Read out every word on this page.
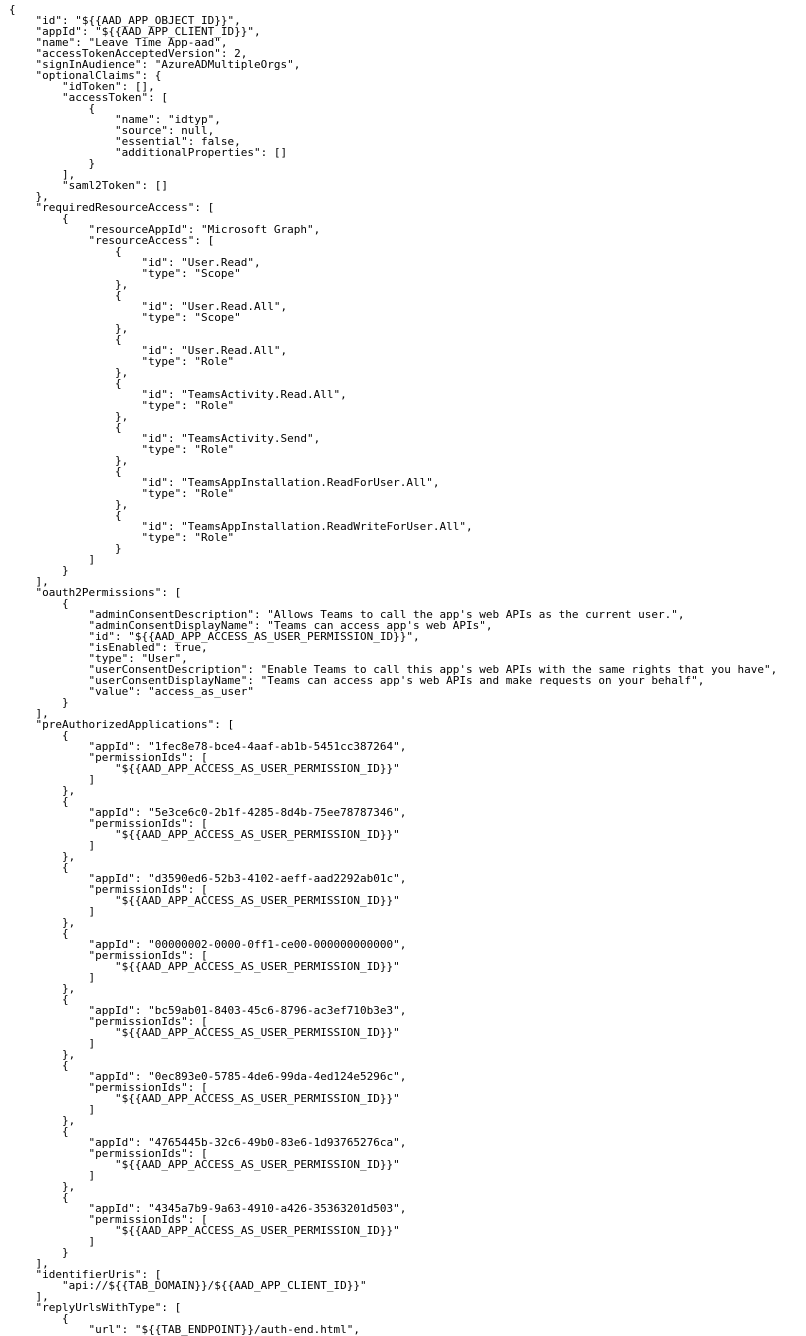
{
"id": "${{AAD_APP_OBJECT_ID}}",
"appId": "${{AAD_APP_CLIENT_ID}}",
"name": "Leave Time App-aad",
"accessTokenAcceptedVersion": 2,
"signInAudience": "AzureADMultipleOrgs",
"optionalClaims": {
"idToken": [],
"accessToken": [
{
"name": "idtyp",
"source": null,
"essential": false,
"additionalProperties": []
}
],
"saml2Token": []
},
"requiredResourceAccess": [
{
"resourceAppId": "Microsoft Graph",
"resourceAccess": [
{
"id": "User.Read",
"type": "Scope"
},
{
"id": "User.Read.All",
"type": "Scope"
},
{
"id": "User.Read.All",
"type": "Role"
},
{
"id": "TeamsActivity.Read.All",
"type": "Role"
},
{
"id": "TeamsActivity.Send",
"type": "Role"
},
{
"id": "TeamsAppInstallation.ReadForUser.All",
"type": "Role"
},
{
"id": "TeamsAppInstallation.ReadWriteForUser.All",
"type": "Role"
}
]
}
],
"oauth2Permissions": [
{
"adminConsentDescription": "Allows Teams to call the app's web APIs as the current user.",
"adminConsentDisplayName": "Teams can access app's web APIs",
"id": "${{AAD_APP_ACCESS_AS_USER_PERMISSION_ID}}",
"isEnabled": true,
"type": "User",
"userConsentDescription": "Enable Teams to call this app's web APIs with the same rights that you have",
"userConsentDisplayName": "Teams can access app's web APIs and make requests on your behalf",
"value": "access_as_user"
}
],
"preAuthorizedApplications": [
{
"appId": "1fec8e78-bce4-4aaf-ab1b-5451cc387264",
"permissionIds": [
"${{AAD_APP_ACCESS_AS_USER_PERMISSION_ID}}"
]
},
{
"appId": "5e3ce6c0-2b1f-4285-8d4b-75ee78787346",
"permissionIds": [
"${{AAD_APP_ACCESS_AS_USER_PERMISSION_ID}}"
]
},
{
"appId": "d3590ed6-52b3-4102-aeff-aad2292ab01c",
"permissionIds": [
"${{AAD_APP_ACCESS_AS_USER_PERMISSION_ID}}"
]
},
{
"appId": "00000002-0000-0ff1-ce00-000000000000",
"permissionIds": [
"${{AAD_APP_ACCESS_AS_USER_PERMISSION_ID}}"
]
},
{
"appId": "bc59ab01-8403-45c6-8796-ac3ef710b3e3",
"permissionIds": [
"${{AAD_APP_ACCESS_AS_USER_PERMISSION_ID}}"
]
},
{
"appId": "0ec893e0-5785-4de6-99da-4ed124e5296c",
"permissionIds": [
"${{AAD_APP_ACCESS_AS_USER_PERMISSION_ID}}"
]
},
{
"appId": "4765445b-32c6-49b0-83e6-1d93765276ca",
"permissionIds": [
"${{AAD_APP_ACCESS_AS_USER_PERMISSION_ID}}"
]
},
{
"appId": "4345a7b9-9a63-4910-a426-35363201d503",
"permissionIds": [
"${{AAD_APP_ACCESS_AS_USER_PERMISSION_ID}}"
]
}
],
"identifierUris": [
"api://${{TAB_DOMAIN}}/${{AAD_APP_CLIENT_ID}}"
],
"replyUrlsWithType": [
{
"url": "${{TAB_ENDPOINT}}/auth-end.html",
